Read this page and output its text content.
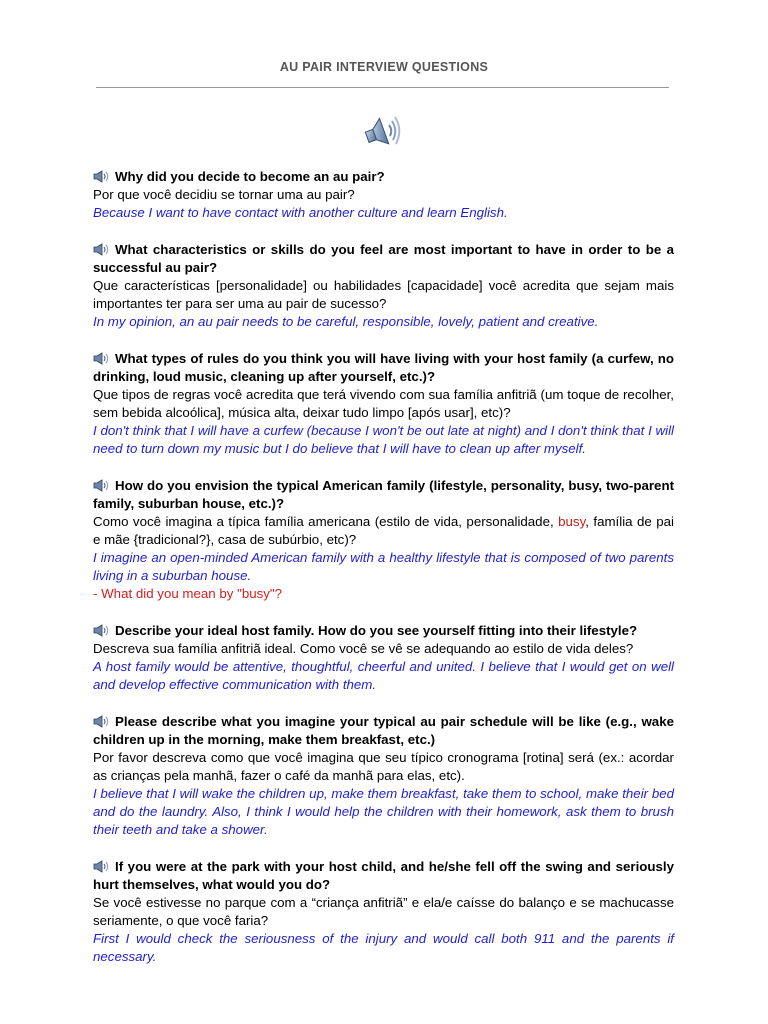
AU PAIR INTERVIEW QUESTIONS

Why did you decide to become an au pair?

Por que você decidiu se tornar uma au pair?

Because I want to have contact with another culture and learn English.

What characteristics or skills do you feel are most important to have in order to be a successful au pair?

Que características [personalidade] ou habilidades [capacidade] você acredita que sejam mais importantes ter para ser uma au pair de sucesso?

In my opinion, an au pair needs to be careful, responsible, lovely, patient and creative.

What types of rules do you think you will have living with your host family (a curfew, no drinking, loud music, cleaning up after yourself, etc.)?

Que tipos de regras você acredita que terá vivendo com sua família anfitriã (um toque de recolher, sem bebida alcoólica], música alta, deixar tudo limpo [após usar], etc)?

I don't think that I will have a curfew (because I won't be out late at night) and I don't think that I will need to turn down my music but I do believe that I will have to clean up after myself.

How do you envision the typical American family (lifestyle, personality, busy, two-parent family, suburban house, etc.)?

Como você imagina a típica família americana (estilo de vida, personalidade, busy, família de pai e mãe {tradicional?}, casa de subúrbio, etc)?

I imagine an open-minded American family with a healthy lifestyle that is composed of two parents living in a suburban house.

- What did you mean by "busy"?

Describe your ideal host family. How do you see yourself fitting into their lifestyle?

Descreva sua família anfitriã ideal. Como você se vê se adequando ao estilo de vida deles?

A host family would be attentive, thoughtful, cheerful and united. I believe that I would get on well and develop effective communication with them.

Please describe what you imagine your typical au pair schedule will be like (e.g., wake children up in the morning, make them breakfast, etc.)

Por favor descreva como que você imagina que seu típico cronograma [rotina] será (ex.: acordar as crianças pela manhã, fazer o café da manhã para elas, etc).

I believe that I will wake the children up, make them breakfast, take them to school, make their bed and do the laundry. Also, I think I would help the children with their homework, ask them to brush their teeth and take a shower.

If you were at the park with your host child, and he/she fell off the swing and seriously hurt themselves, what would you do?

Se você estivesse no parque com a “criança anfitriã” e ela/e caísse do balanço e se machucasse seriamente, o que você faria?

First I would check the seriousness of the injury and would call both 911 and the parents if necessary.
